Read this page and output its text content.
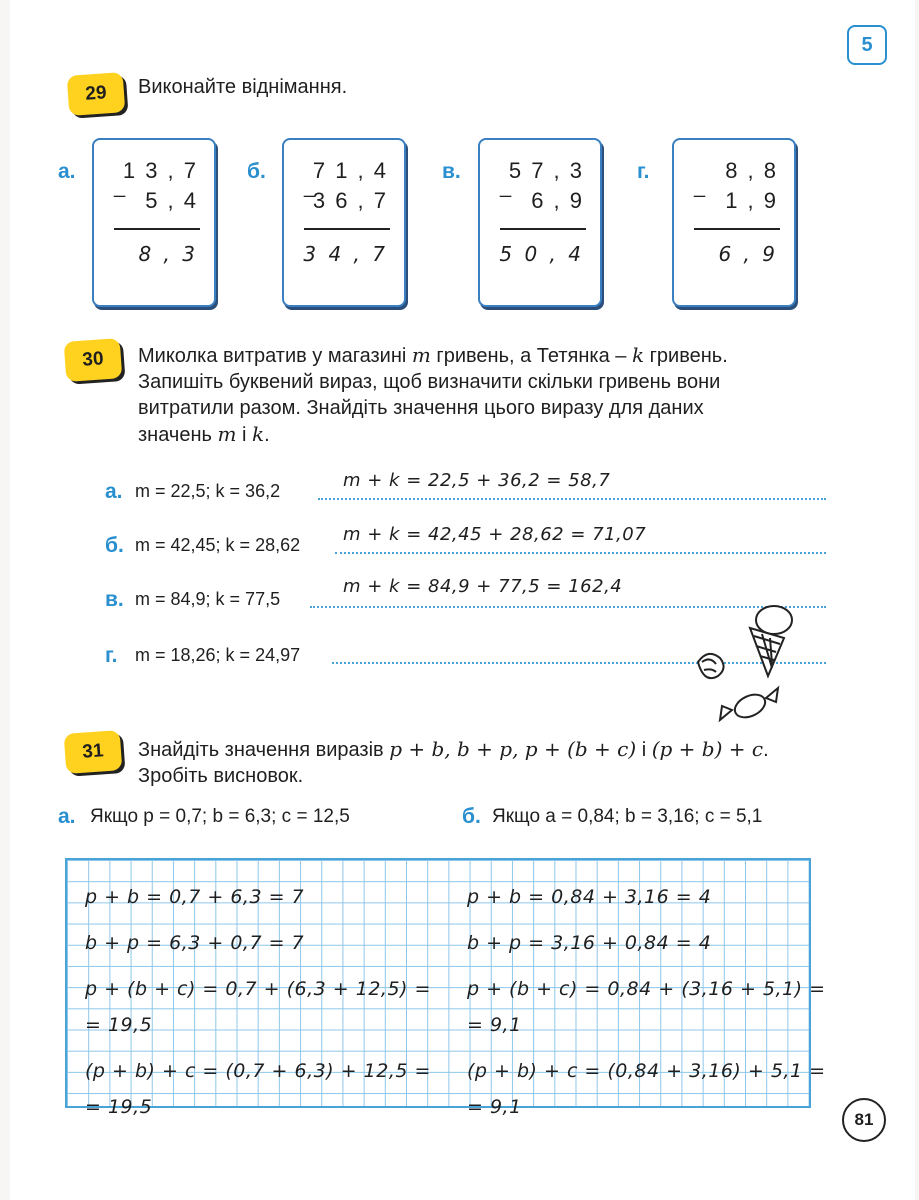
5
29	Виконайте віднімання.
а. 1 3 , 7
_
5 , 4
8 , 3
б. 7 1 , 4
_
3 6 , 7
3 4 , 7
в. 5 7 , 3
_
6 , 9
5 0 , 4
г.	8 , 8
_
1 , 9
6 , 9
30	Миколка витратив у магазині m гривень, а Тетянка – k гривень.
Запишіть буквений вираз, щоб визначити скільки гривень вони
витратили разом. Знайдіть значення цього виразу для даних
значень m і k.
а. m = 22,5; k = 36,2	m + k = 22,5 + 36,2 = 58,7
б. m = 42,45; k = 28,62 m + k = 42,45 + 28,62 = 71,07
в. m = 84,9; k = 77,5
m + k = 84,9 + 77,5 = 162,4
г. m = 18,26; k = 24,97
31	Знайдіть значення виразів p + b, b + p, p + (b + c) і (p + b) + c.
Зробіть висновок.
а. Якщо p = 0,7; b = 6,3; c = 12,5	б. Якщо a = 0,84; b = 3,16; c = 5,1
p + b = 0,7 + 6,3 = 7
b + p = 6,3 + 0,7 = 7
p + (b + c) = 0,7 + (6,3 + 12,5) =
= 19,5
(p + b) + c = (0,7 + 6,3) + 12,5 =
= 19,5
p + b = 0,84 + 3,16 = 4
b + p = 3,16 + 0,84 = 4
p + (b + c) = 0,84 + (3,16 + 5,1) =
= 9,1
(p + b) + c = (0,84 + 3,16) + 5,1 =
= 9,1
81
